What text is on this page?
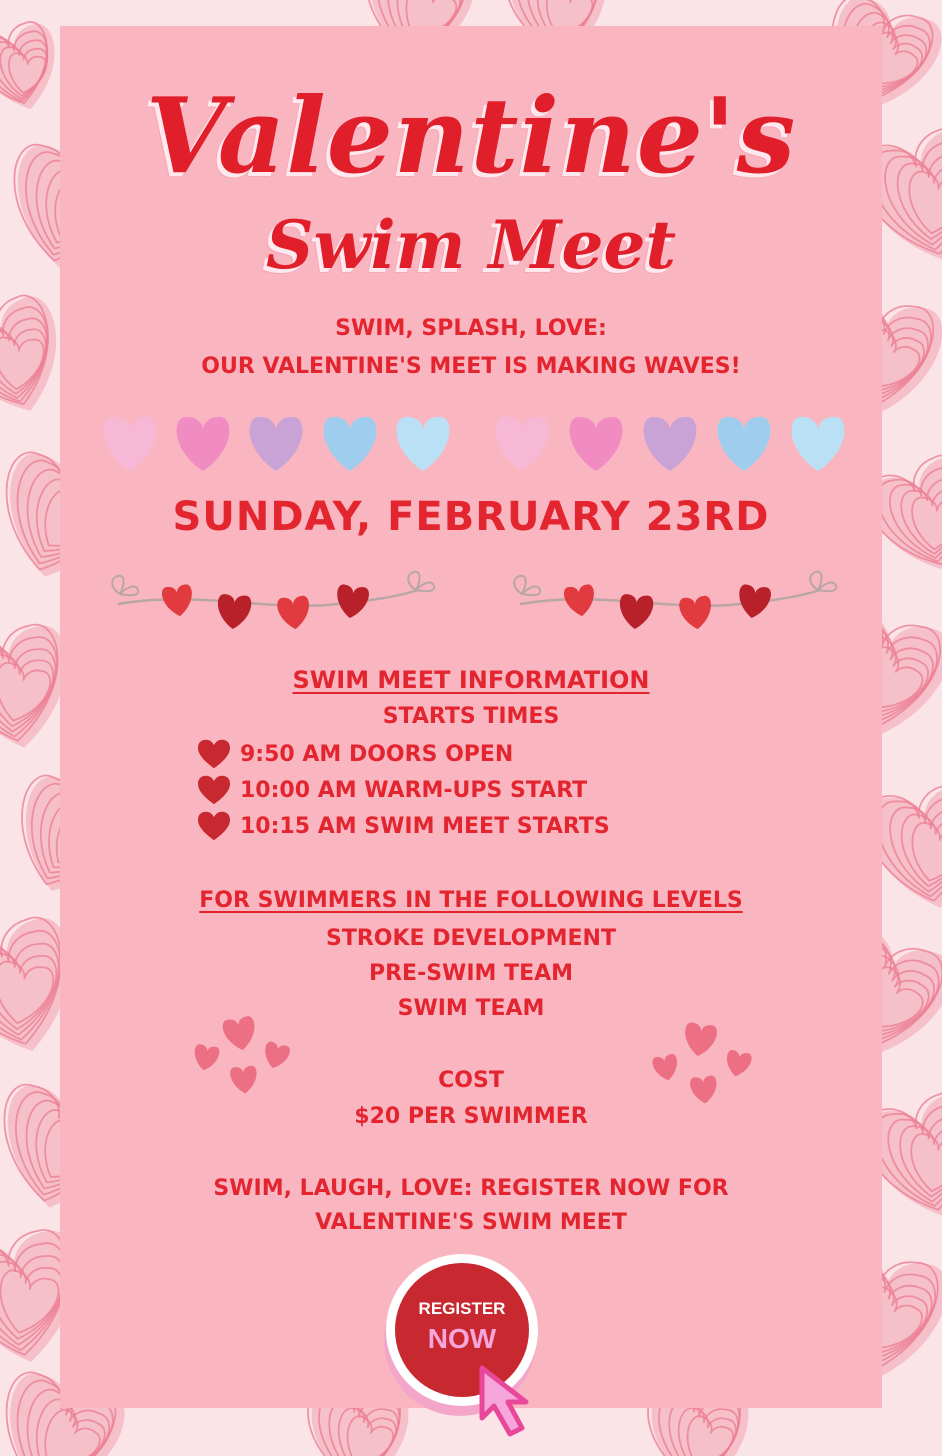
Valentine's
Swim Meet

SWIM, SPLASH, LOVE:

OUR VALENTINE'S MEET IS MAKING WAVES!

SUNDAY, FEBRUARY 23RD

SWIM MEET INFORMATION

STARTS TIMES

9:50 AM DOORS OPEN
10:00 AM WARM-UPS START
10:15 AM SWIM MEET STARTS

FOR SWIMMERS IN THE FOLLOWING LEVELS

STROKE DEVELOPMENT

PRE-SWIM TEAM

SWIM TEAM

COST

$20 PER SWIMMER

SWIM, LAUGH, LOVE: REGISTER NOW FOR

VALENTINE'S SWIM MEET

REGISTER
NOW
